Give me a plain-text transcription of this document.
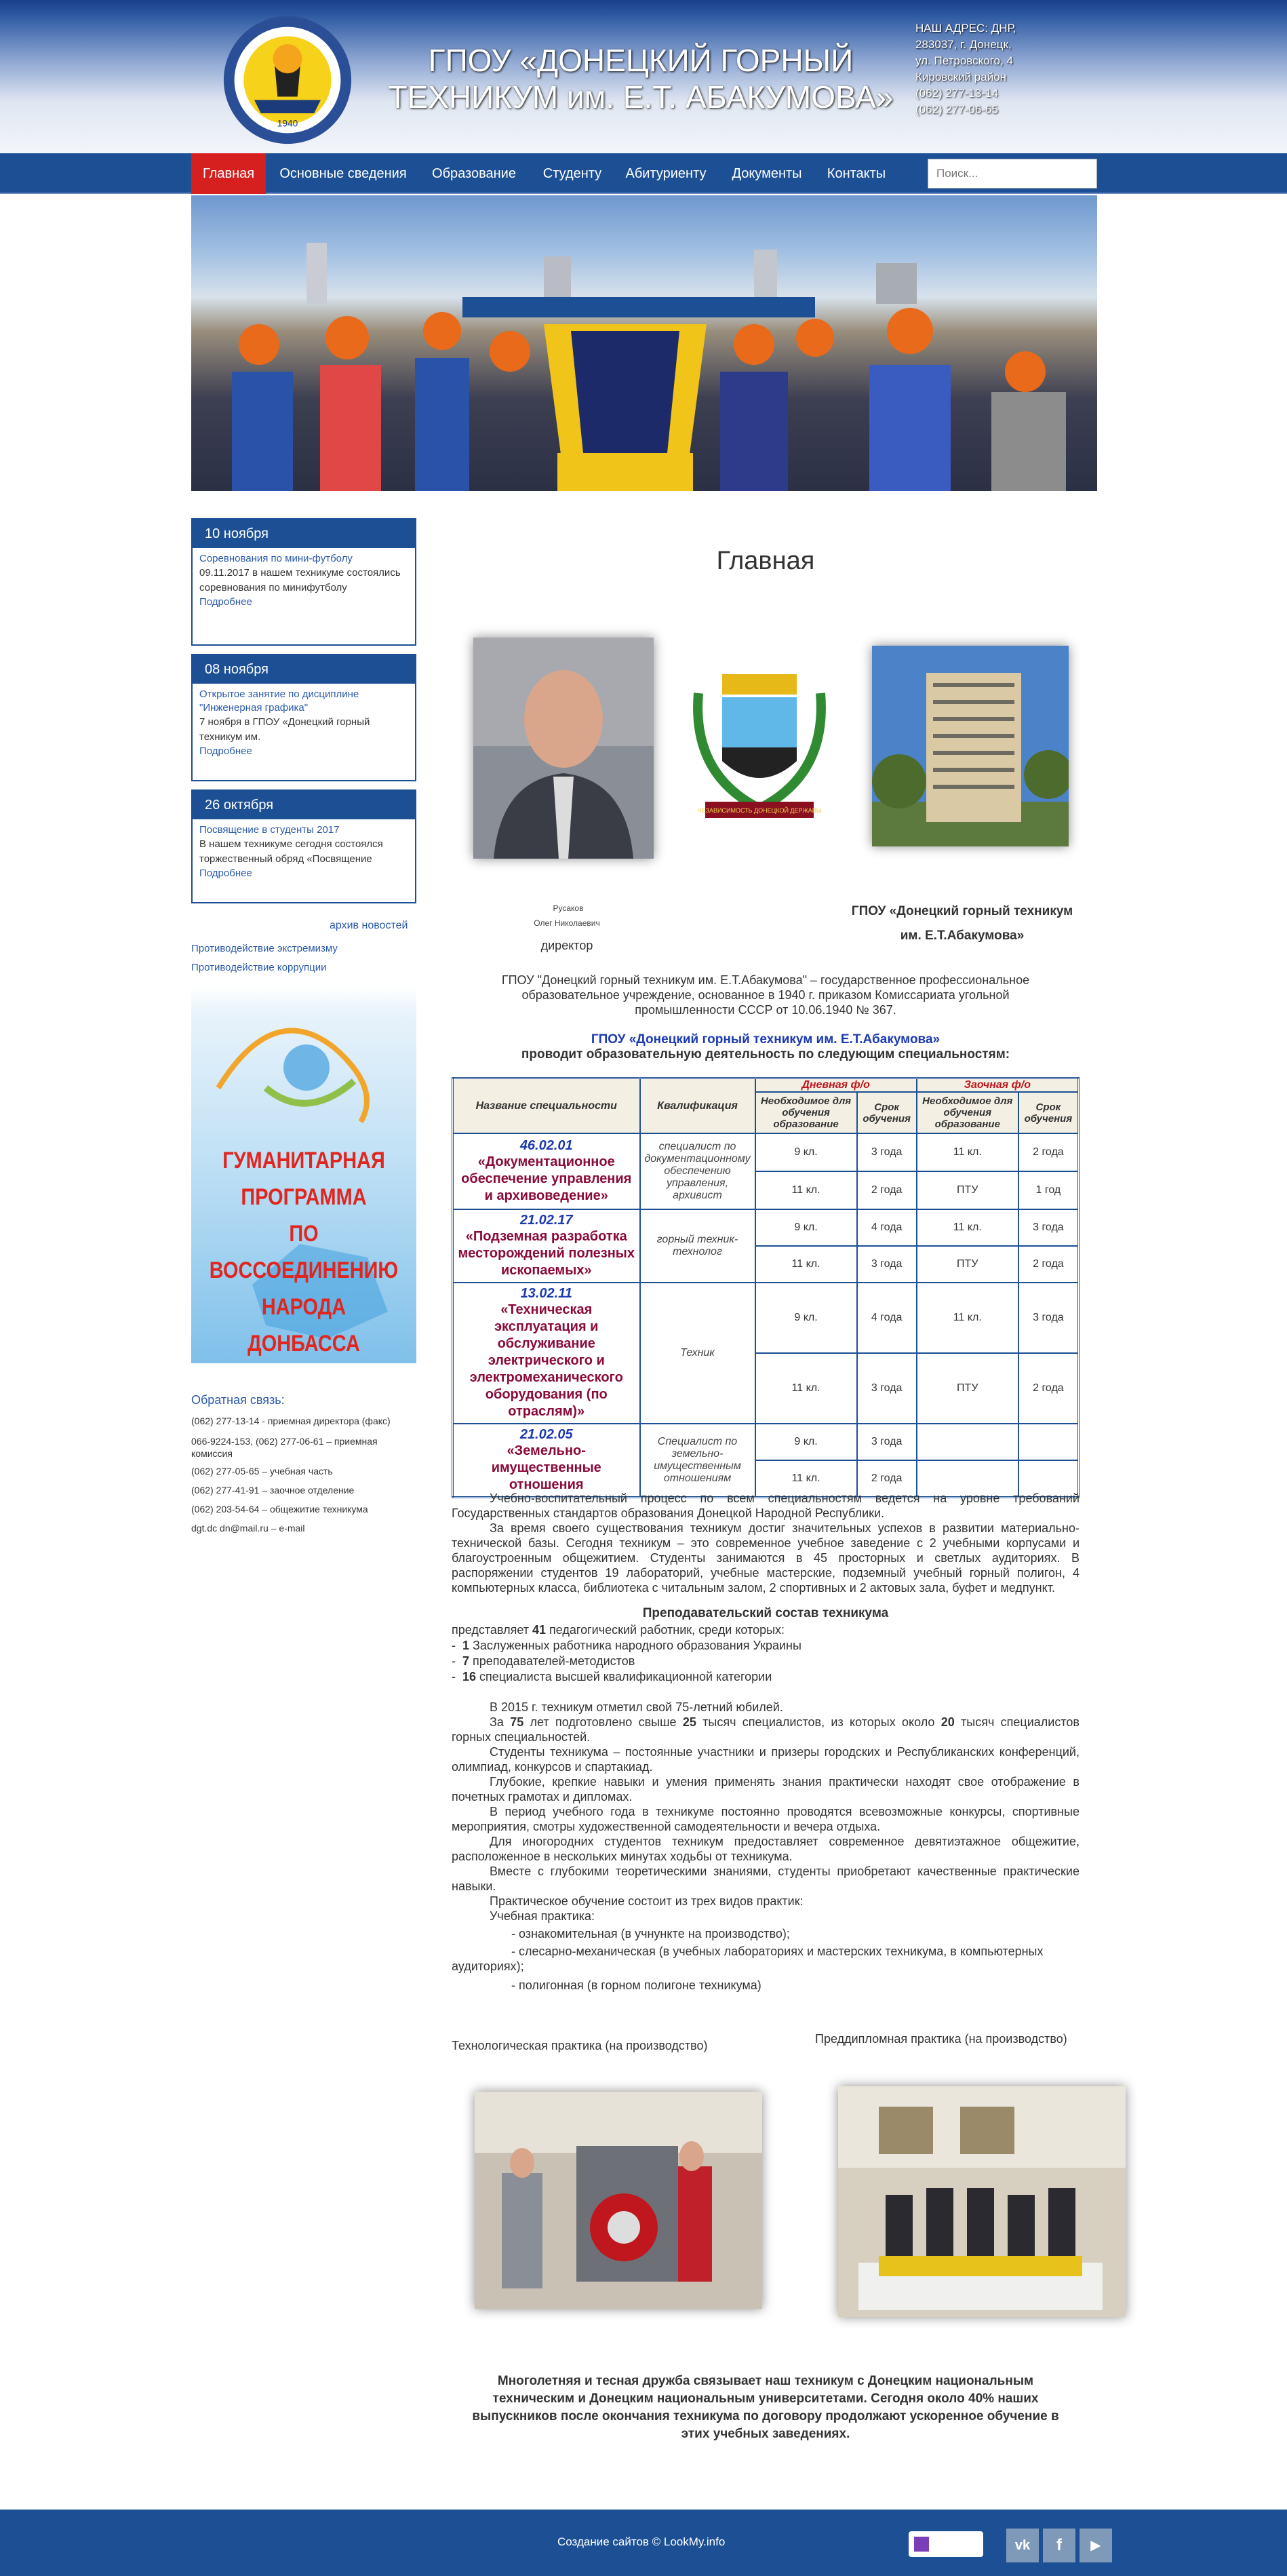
1940
ГПОУ «ДОНЕЦКИЙ ГОРНЫЙ
ТЕХНИКУМ им. Е.Т. АБАКУМОВА»
НАШ АДРЕС: ДНР,
283037, г. Донецк,
ул. Петровского, 4
Кировский район
(062) 277-13-14
(062) 277-06-65
Главная	Основные сведения	Образование	Студенту	Абитуриенту	Документы	Контакты
Поиск...
10 ноября
Соревнования по мини-футболу
09.11.2017 в нашем техникуме состоялись соревнования по минифутболу
Подробнее
08 ноября
Открытое занятие по дисциплине "Инженерная графика"
7 ноября в ГПОУ «Донецкий горный техникум им.
Подробнее
26 октября
Посвящение в студенты 2017
В нашем техникуме сегодня состоялся торжественный обряд «Посвящение
Подробнее
архив новостей
Противодействие экстремизму
Противодействие коррупции
ГУМАНИТАРНАЯ
ПРОГРАММА
ПО ВОССОЕДИНЕНИЮ
НАРОДА ДОНБАССА
Обратная связь:
(062) 277-13-14 - приемная директора (факс)
066-9224-153, (062) 277-06-61 – приемная комиссия
(062) 277-05-65 – учебная часть
(062) 277-41-91 – заочное отделение
(062) 203-54-64 – общежитие техникума
dgt.dc dn@mail.ru – e-mail
Главная
НЕЗАВИСИМОСТЬ ДОНЕЦКОЙ ДЕРЖАВЫ
Русаков
Олег Николаевич
директор
ГПОУ «Донецкий горный техникум
им. Е.Т.Абакумова»

ГПОУ "Донецкий горный техникум им. Е.Т.Абакумова" – государственное профессиональное образовательное учреждение, основанное в 1940 г. приказом Комиссариата угольной промышленности СССР от 10.06.1940 № 367.

ГПОУ «Донецкий горный техникум им. Е.Т.Абакумова»
проводит образовательную деятельность по следующим специальностям:
Название специальности	Квалификация	Дневная ф/о		Заочная ф/о	
		Необходимое для обучения образование	Срок обучения	Необходимое для обучения образование	Срок обучения

46.02.01
«Документационное обеспечение управления и архивоведение»	специалист по документационному обеспечению управления, архивист	9 кл.	3 года	11 кл.	2 года
		11 кл.	2 года	ПТУ	1 год

21.02.17
«Подземная разработка месторождений полезных ископаемых»	горный техник-технолог	9 кл.	4 года	11 кл.	3 года
		11 кл.	3 года	ПТУ	2 года

13.02.11
«Техническая эксплуатация и обслуживание электрического и электромеханического оборудования (по отраслям)»	Техник	9 кл.	4 года	11 кл.	3 года
		11 кл.	3 года	ПТУ	2 года

21.02.05
«Земельно-имущественные отношения	Специалист по земельно-имущественным отношениям	9 кл.	3 года		
		11 кл.	2 года		

Учебно-воспитательный процесс по всем специальностям ведется на уровне требований Государственных стандартов образования Донецкой Народной Республики.

За время своего существования техникум достиг значительных успехов в развитии материально-технической базы. Сегодня техникум – это современное учебное заведение с 2 учебными корпусами и благоустроенным общежитием. Студенты занимаются в 45 просторных и светлых аудиториях. В распоряжении студентов 19 лабораторий, учебные мастерские, подземный учебный горный полигон, 4 компьютерных класса, библиотека с читальным залом, 2 спортивных и 2 актовых зала, буфет и медпункт.

Преподавательский состав техникума
представляет 41 педагогический работник, среди которых:
-  1 Заслуженных работника народного образования Украины
-  7 преподавателей-методистов
-  16 специалиста высшей квалификационной категории

В 2015 г. техникум отметил свой 75-летний юбилей.

За 75 лет подготовлено свыше 25 тысяч специалистов, из которых около 20 тысяч специалистов горных специальностей.

Студенты техникума – постоянные участники и призеры городских и Республиканских конференций, олимпиад, конкурсов и спартакиад.

Глубокие, крепкие навыки и умения применять знания практически находят свое отображение в почетных грамотах и дипломах.

В период учебного года в техникуме постоянно проводятся всевозможные конкурсы, спортивные мероприятия, смотры художественной самодеятельности и вечера отдыха.

Для иногородних студентов техникум предоставляет современное девятиэтажное общежитие, расположенное в нескольких минутах ходьбы от техникума.

Вместе с глубокими теоретическими знаниями, студенты приобретают качественные практические навыки.

Практическое обучение состоит из трех видов практик:

Учебная практика:

- ознакомительная (в учнунктe на производство);

- слесарно-механическая (в учебных лабораториях и мастерских техникума, в компьютерных аудиториях);

- полигонная (в горном полигоне техникума)

Технологическая практика (на производство)	Преддипломная практика (на производство)
Многолетняя и тесная дружба связывает наш техникум с Донецким национальным техническим и Донецким национальным университетами. Сегодня около 40% наших выпускников после окончания техникума по договору продолжают ускоренное обучение в этих учебных заведениях.
Создание сайтов © LookMy.info	vk	f	▶
